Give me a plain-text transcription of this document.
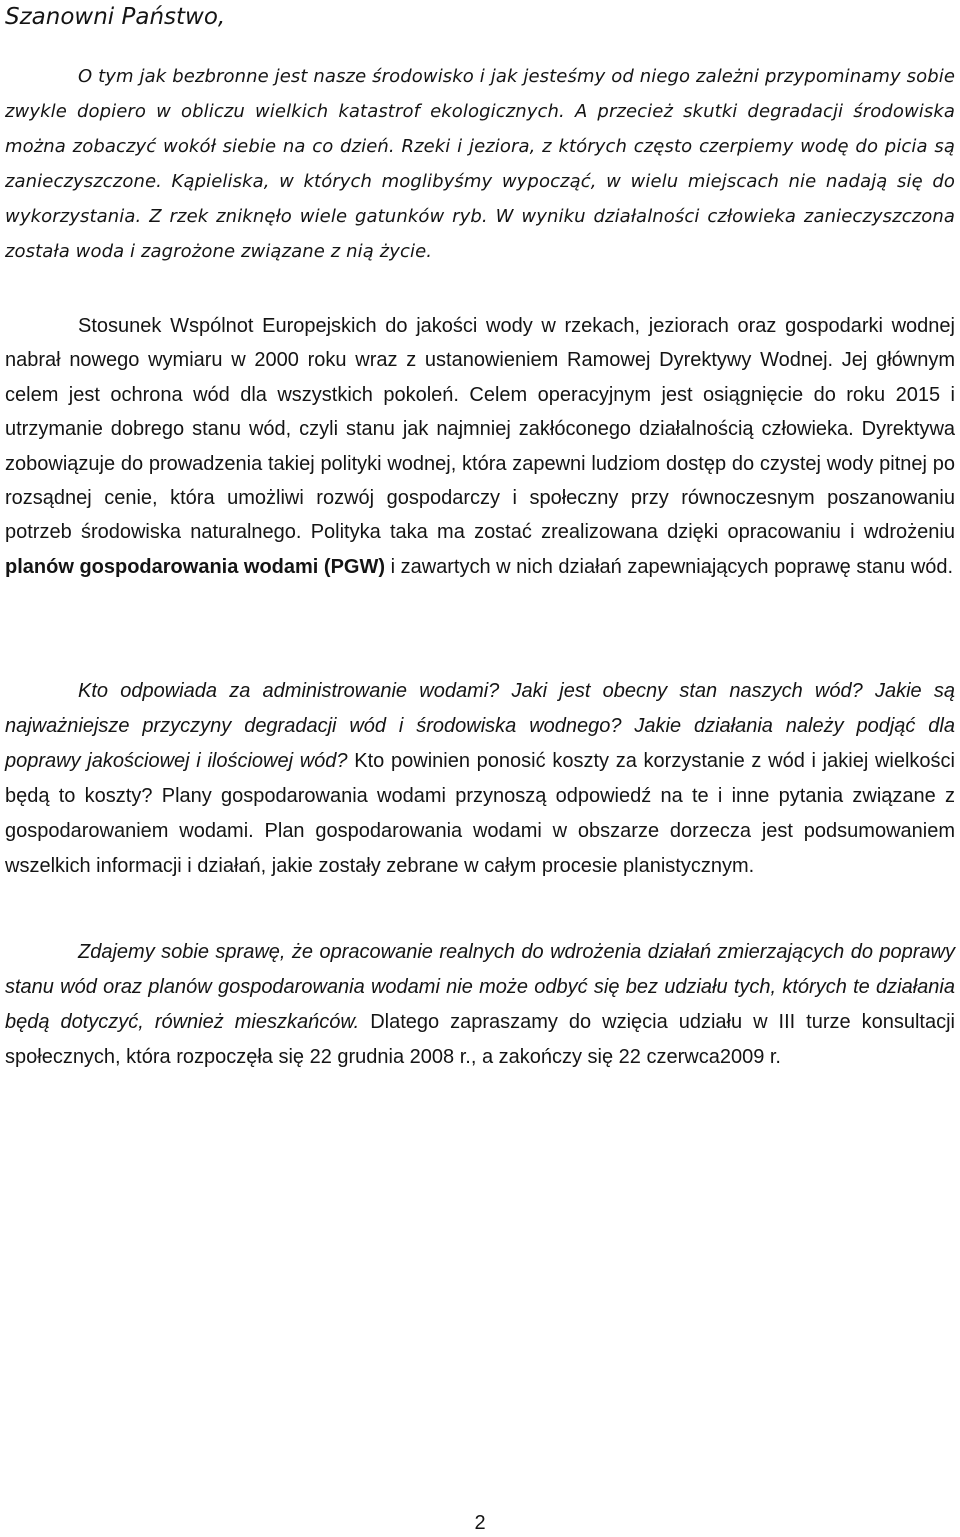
Szanowni Państwo,

O tym jak bezbronne jest nasze środowisko i jak jesteśmy od niego zależni przypominamy sobie zwykle dopiero w obliczu wielkich katastrof ekologicznych. A przecież skutki degradacji środowiska można zobaczyć wokół siebie na co dzień. Rzeki i jeziora, z których często czerpiemy wodę do picia są zanieczyszczone. Kąpieliska, w których moglibyśmy wypocząć, w wielu miejscach nie nadają się do wykorzystania. Z rzek zniknęło wiele gatunków ryb. W wyniku działalności człowieka zanieczyszczona została woda i zagrożone związane z nią życie.

Stosunek Wspólnot Europejskich do jakości wody w rzekach, jeziorach oraz gospodarki wodnej nabrał nowego wymiaru w 2000 roku wraz z ustanowieniem Ramowej Dyrektywy Wodnej. Jej głównym celem jest ochrona wód dla wszystkich pokoleń. Celem operacyjnym jest osiągnięcie do roku 2015 i utrzymanie dobrego stanu wód, czyli stanu jak najmniej zakłóconego działalnością człowieka. Dyrektywa zobowiązuje do prowadzenia takiej polityki wodnej, która zapewni ludziom dostęp do czystej wody pitnej po rozsądnej cenie, która umożliwi rozwój gospodarczy i społeczny przy równoczesnym poszanowaniu potrzeb środowiska naturalnego. Polityka taka ma zostać zrealizowana dzięki opracowaniu i wdrożeniu planów gospodarowania wodami (PGW) i zawartych w nich działań zapewniających poprawę stanu wód.

Kto odpowiada za administrowanie wodami? Jaki jest obecny stan naszych wód? Jakie są najważniejsze przyczyny degradacji wód i środowiska wodnego? Jakie działania należy podjąć dla poprawy jakościowej i ilościowej wód? Kto powinien ponosić koszty za korzystanie z wód i jakiej wielkości będą to koszty? Plany gospodarowania wodami przynoszą odpowiedź na te i inne pytania związane z gospodarowaniem wodami. Plan gospodarowania wodami w obszarze dorzecza jest podsumowaniem wszelkich informacji i działań, jakie zostały zebrane w całym procesie planistycznym.

Zdajemy sobie sprawę, że opracowanie realnych do wdrożenia działań zmierzających do poprawy stanu wód oraz planów gospodarowania wodami nie może odbyć się bez udziału tych, których te działania będą dotyczyć, również mieszkańców. Dlatego zapraszamy do wzięcia udziału w III turze konsultacji społecznych, która rozpoczęła się 22 grudnia 2008 r., a zakończy się 22 czerwca2009 r.

2
